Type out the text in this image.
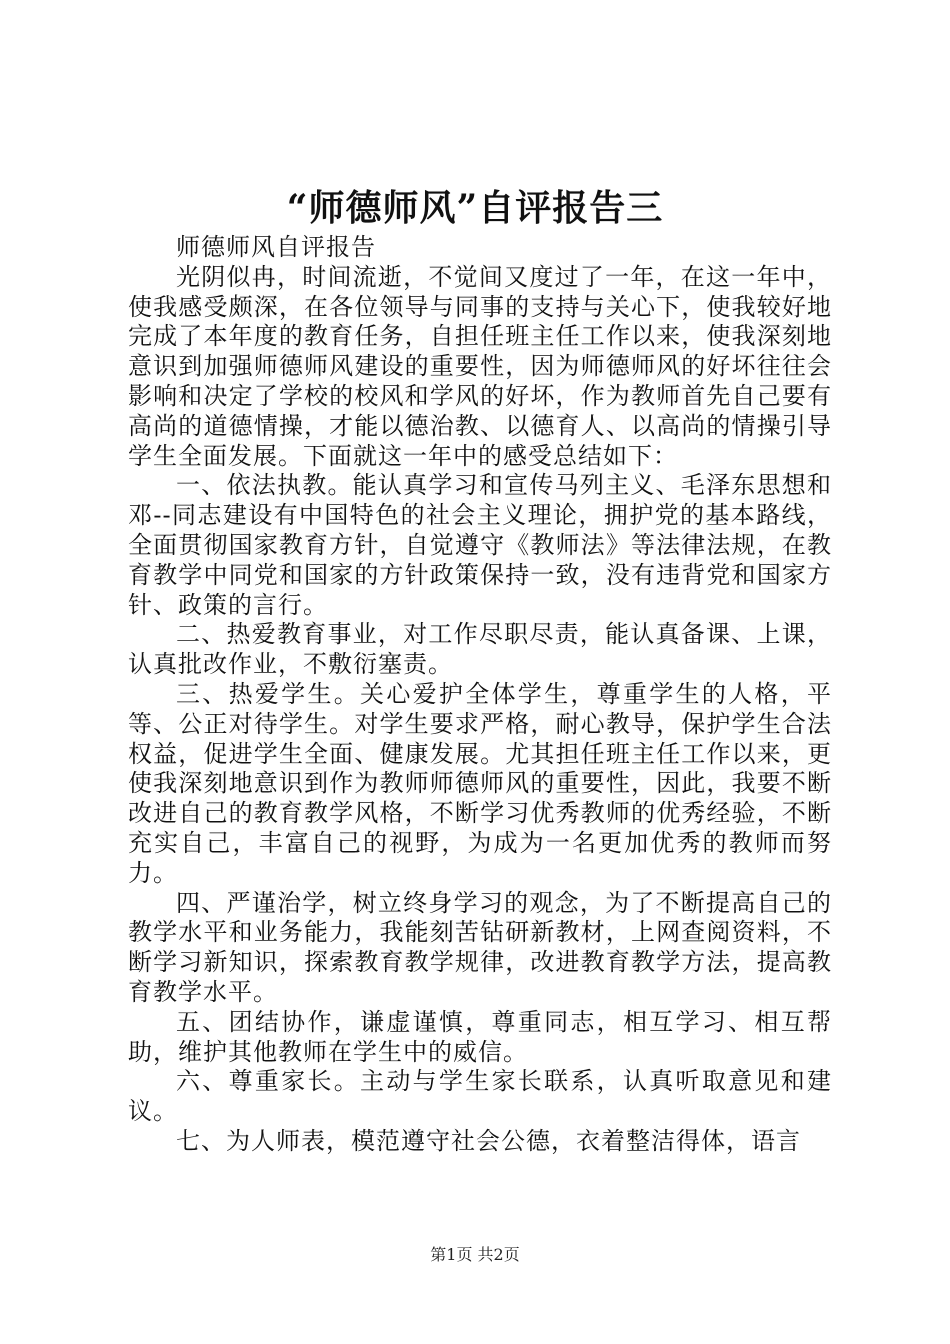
“师德师风”自评报告三

师德师风自评报告

光阴似冉，时间流逝，不觉间又度过了一年，在这一年中，使我感受颇深，在各位领导与同事的支持与关心下，使我较好地完成了本年度的教育任务，自担任班主任工作以来，使我深刻地意识到加强师德师风建设的重要性，因为师德师风的好坏往往会影响和决定了学校的校风和学风的好坏，作为教师首先自己要有高尚的道德情操，才能以德治教、以德育人、以高尚的情操引导学生全面发展。下面就这一年中的感受总结如下：

一、依法执教。能认真学习和宣传马列主义、毛泽东思想和邓--同志建设有中国特色的社会主义理论，拥护党的基本路线，全面贯彻国家教育方针，自觉遵守《教师法》等法律法规，在教育教学中同党和国家的方针政策保持一致，没有违背党和国家方针、政策的言行。

二、热爱教育事业，对工作尽职尽责，能认真备课、上课，认真批改作业，不敷衍塞责。

三、热爱学生。关心爱护全体学生，尊重学生的人格，平等、公正对待学生。对学生要求严格，耐心教导，保护学生合法权益，促进学生全面、健康发展。尤其担任班主任工作以来，更使我深刻地意识到作为教师师德师风的重要性，因此，我要不断改进自己的教育教学风格，不断学习优秀教师的优秀经验，不断充实自己，丰富自己的视野，为成为一名更加优秀的教师而努力。

四、严谨治学，树立终身学习的观念，为了不断提高自己的教学水平和业务能力，我能刻苦钻研新教材，上网查阅资料，不断学习新知识，探索教育教学规律，改进教育教学方法，提高教育教学水平。

五、团结协作，谦虚谨慎，尊重同志，相互学习、相互帮助，维护其他教师在学生中的威信。

六、尊重家长。主动与学生家长联系，认真听取意见和建议。

七、为人师表，模范遵守社会公德，衣着整洁得体，语言

第1页 共2页
